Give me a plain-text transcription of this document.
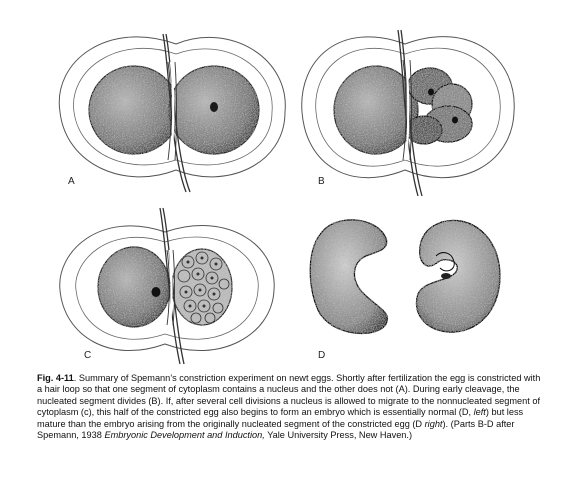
A	B
C	D
Fig. 4-11. Summary of Spemann’s constriction experiment on newt eggs. Shortly after fertilization the egg is constricted with a hair loop so that one segment of cytoplasm contains a nucleus and the other does not (A). During early cleavage, the nucleated segment divides (B). If, after several cell divisions a nucleus is allowed to migrate to the nonnucleated segment of cytoplasm (c), this half of the constricted egg also begins to form an embryo which is essentially normal (D, left) but less mature than the embryo arising from the originally nucleated segment of the constricted egg (D right). (Parts B-D after Spemann, 1938 Embryonic Development and Induction, Yale University Press, New Haven.)
